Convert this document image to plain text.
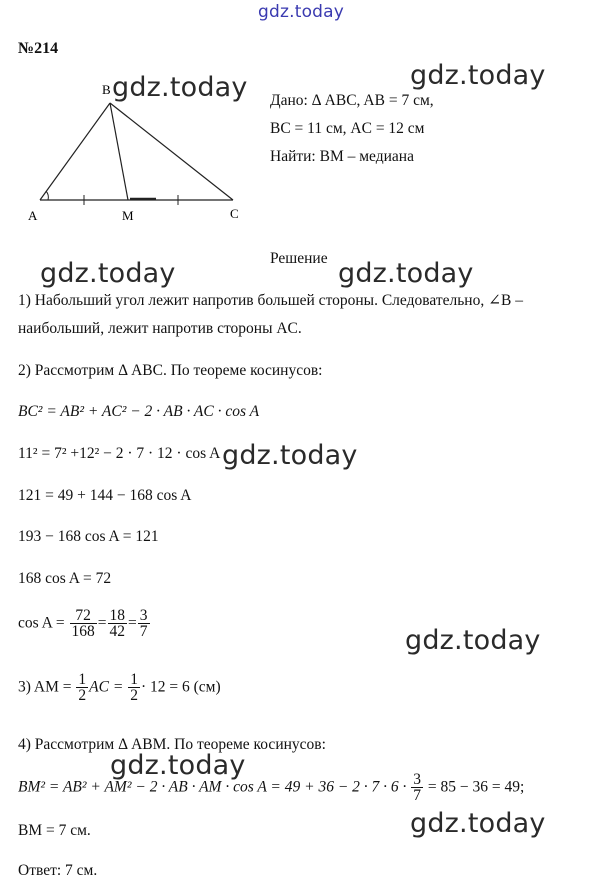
gdz.today
gdz.today	gdz.today
gdz.today	gdz.today
gdz.today
gdz.today
gdz.today
gdz.today
№214
B
A	M	C
Дано: Δ ABC, AB = 7 см,
BC = 11 см, AC = 12 см
Найти: BM – медиана
Решение
1) Набольший угол лежит напротив большей стороны. Следовательно, ∠B –
наибольший, лежит напротив стороны AC.
2) Рассмотрим Δ ABC. По теореме косинусов:
BC² = AB² + AC² − 2 · AB · AC · cos A
11² = 7² +12² − 2 · 7 · 12 · cos A
121 = 49 + 144 − 168 cos A
193 − 168 cos A = 121
168 cos A = 72
$\cos A = \frac{72}{168} = \frac{18}{42} = \frac{3}{7}$
3) AM = $\frac{1}{2}$ AC = $\frac{1}{2} \cdot 12 = 6$ (см)
4) Рассмотрим Δ ABM. По теореме косинусов:
BM² = AB² + AM² − 2 · AB · AM · $\cos A = 49 + 36 - 2 \cdot 7 \cdot 6 \cdot \frac{3}{7} = 85 - 36 = 49$;
BM = 7 см.
Ответ: 7 см.
